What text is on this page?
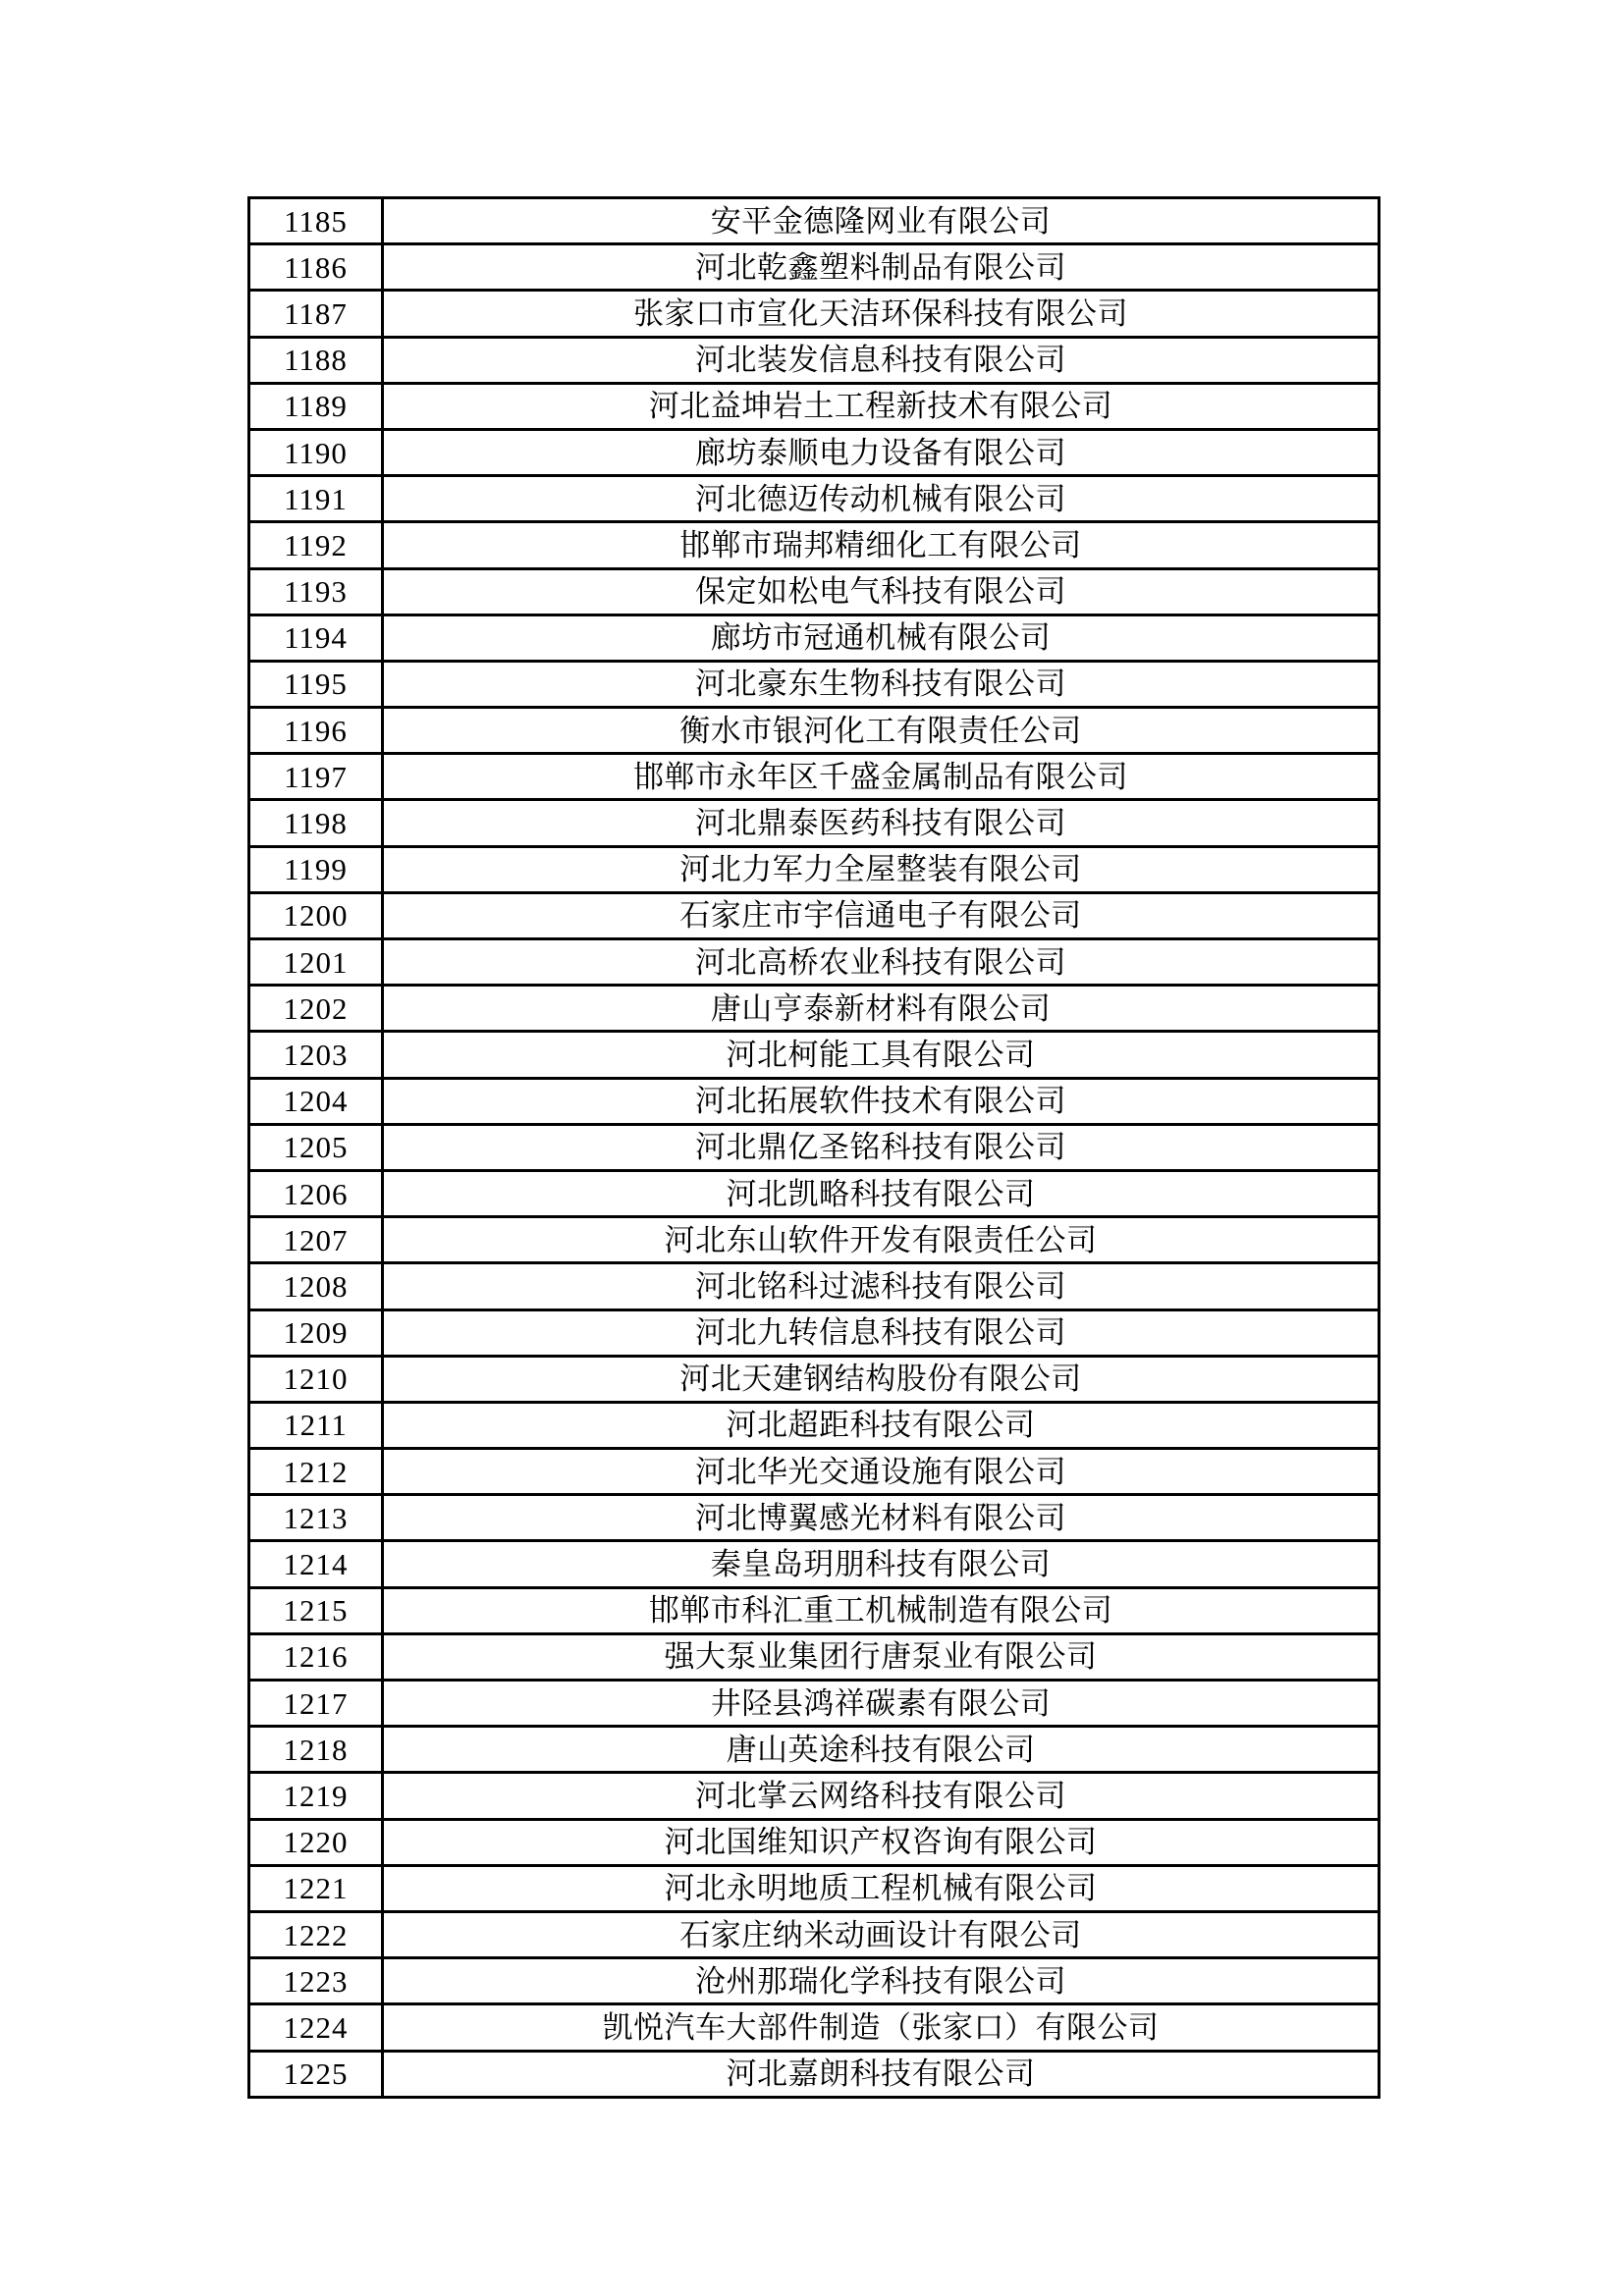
1185	安平金德隆网业有限公司
1186	河北乾鑫塑料制品有限公司
1187	张家口市宣化天洁环保科技有限公司
1188	河北装发信息科技有限公司
1189	河北益坤岩土工程新技术有限公司
1190	廊坊泰顺电力设备有限公司
1191	河北德迈传动机械有限公司
1192	邯郸市瑞邦精细化工有限公司
1193	保定如松电气科技有限公司
1194	廊坊市冠通机械有限公司
1195	河北豪东生物科技有限公司
1196	衡水市银河化工有限责任公司
1197	邯郸市永年区千盛金属制品有限公司
1198	河北鼎泰医药科技有限公司
1199	河北力军力全屋整装有限公司
1200	石家庄市宇信通电子有限公司
1201	河北高桥农业科技有限公司
1202	唐山亨泰新材料有限公司
1203	河北柯能工具有限公司
1204	河北拓展软件技术有限公司
1205	河北鼎亿圣铭科技有限公司
1206	河北凯略科技有限公司
1207	河北东山软件开发有限责任公司
1208	河北铭科过滤科技有限公司
1209	河北九转信息科技有限公司
1210	河北天建钢结构股份有限公司
1211	河北超距科技有限公司
1212	河北华光交通设施有限公司
1213	河北博翼感光材料有限公司
1214	秦皇岛玥朋科技有限公司
1215	邯郸市科汇重工机械制造有限公司
1216	强大泵业集团行唐泵业有限公司
1217	井陉县鸿祥碳素有限公司
1218	唐山英途科技有限公司
1219	河北掌云网络科技有限公司
1220	河北国维知识产权咨询有限公司
1221	河北永明地质工程机械有限公司
1222	石家庄纳米动画设计有限公司
1223	沧州那瑞化学科技有限公司
1224	凯悦汽车大部件制造（张家口）有限公司
1225	河北嘉朗科技有限公司
